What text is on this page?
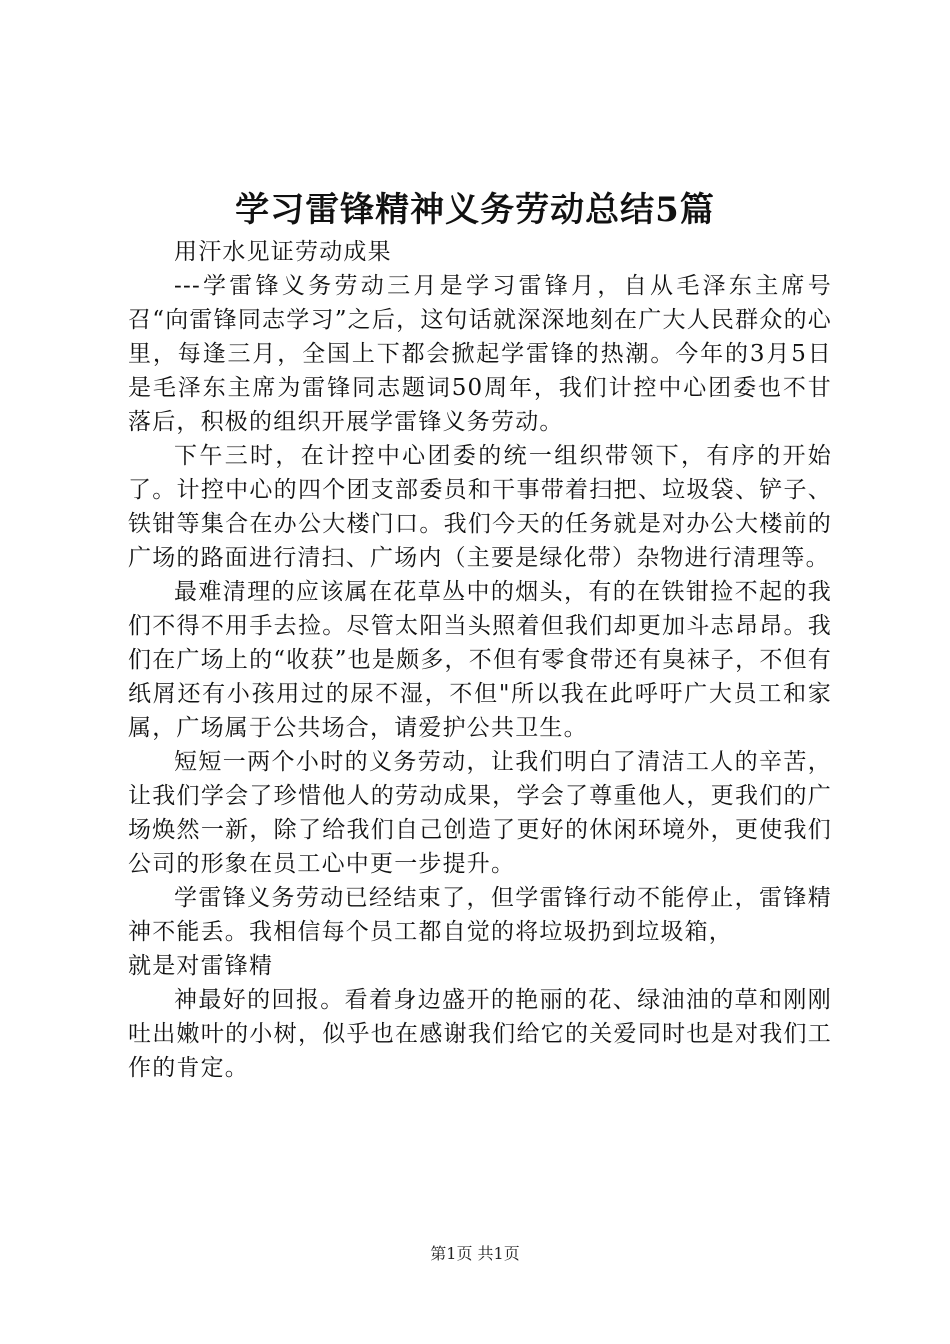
学习雷锋精神义务劳动总结5篇

用汗水见证劳动成果

---学雷锋义务劳动三月是学习雷锋月，自从毛泽东主席号召“向雷锋同志学习”之后，这句话就深深地刻在广大人民群众的心里，每逢三月，全国上下都会掀起学雷锋的热潮。今年的3月5日是毛泽东主席为雷锋同志题词50周年，我们计控中心团委也不甘落后，积极的组织开展学雷锋义务劳动。

下午三时，在计控中心团委的统一组织带领下，有序的开始了。计控中心的四个团支部委员和干事带着扫把、垃圾袋、铲子、铁钳等集合在办公大楼门口。我们今天的任务就是对办公大楼前的广场的路面进行清扫、广场内（主要是绿化带）杂物进行清理等。

最难清理的应该属在花草丛中的烟头，有的在铁钳捡不起的我们不得不用手去捡。尽管太阳当头照着但我们却更加斗志昂昂。我们在广场上的“收获”也是颇多，不但有零食带还有臭袜子，不但有纸屑还有小孩用过的尿不湿，不但"所以我在此呼吁广大员工和家属，广场属于公共场合，请爱护公共卫生。

短短一两个小时的义务劳动，让我们明白了清洁工人的辛苦，让我们学会了珍惜他人的劳动成果，学会了尊重他人，更我们的广场焕然一新，除了给我们自己创造了更好的休闲环境外，更使我们公司的形象在员工心中更一步提升。

学雷锋义务劳动已经结束了，但学雷锋行动不能停止，雷锋精神不能丢。我相信每个员工都自觉的将垃圾扔到垃圾箱，

就是对雷锋精

神最好的回报。看着身边盛开的艳丽的花、绿油油的草和刚刚吐出嫩叶的小树，似乎也在感谢我们给它的关爱同时也是对我们工作的肯定。

第1页 共1页
